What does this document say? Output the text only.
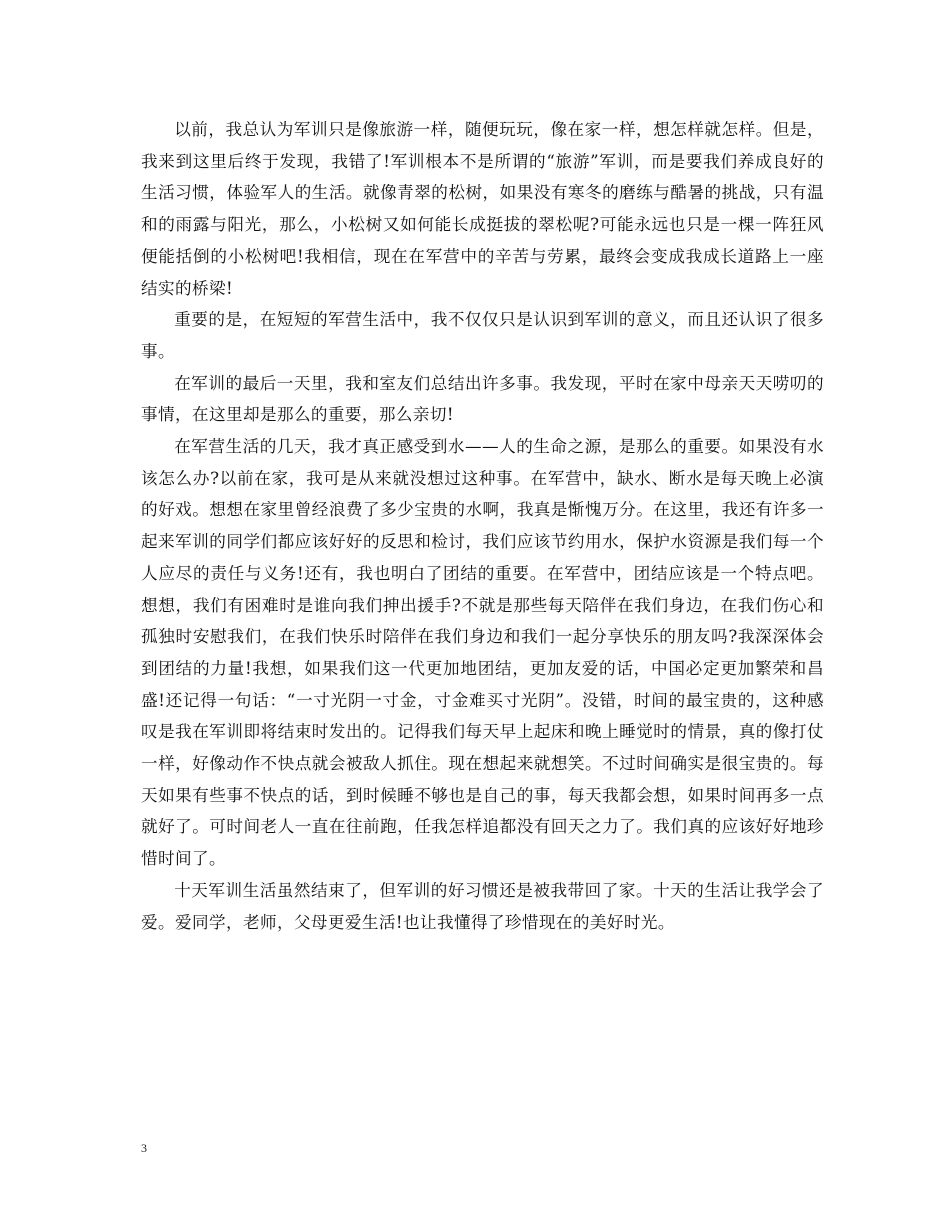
以前，我总认为军训只是像旅游一样，随便玩玩，像在家一样，想怎样就怎样。但是，我来到这里后终于发现，我错了!军训根本不是所谓的“旅游”军训，而是要我们养成良好的生活习惯，体验军人的生活。就像青翠的松树，如果没有寒冬的磨练与酷暑的挑战，只有温和的雨露与阳光，那么，小松树又如何能长成挺拔的翠松呢?可能永远也只是一棵一阵狂风便能括倒的小松树吧!我相信，现在在军营中的辛苦与劳累，最终会变成我成长道路上一座结实的桥梁!

重要的是，在短短的军营生活中，我不仅仅只是认识到军训的意义，而且还认识了很多事。

在军训的最后一天里，我和室友们总结出许多事。我发现，平时在家中母亲天天唠叨的事情，在这里却是那么的重要，那么亲切!

在军营生活的几天，我才真正感受到水——人的生命之源，是那么的重要。如果没有水该怎么办?以前在家，我可是从来就没想过这种事。在军营中，缺水、断水是每天晚上必演的好戏。想想在家里曾经浪费了多少宝贵的水啊，我真是惭愧万分。在这里，我还有许多一起来军训的同学们都应该好好的反思和检讨，我们应该节约用水，保护水资源是我们每一个人应尽的责任与义务!还有，我也明白了团结的重要。在军营中，团结应该是一个特点吧。想想，我们有困难时是谁向我们抻出援手?不就是那些每天陪伴在我们身边，在我们伤心和孤独时安慰我们，在我们快乐时陪伴在我们身边和我们一起分享快乐的朋友吗?我深深体会到团结的力量!我想，如果我们这一代更加地团结，更加友爱的话，中国必定更加繁荣和昌盛!还记得一句话：“一寸光阴一寸金，寸金难买寸光阴”。没错，时间的最宝贵的，这种感叹是我在军训即将结束时发出的。记得我们每天早上起床和晚上睡觉时的情景，真的像打仗一样，好像动作不快点就会被敌人抓住。现在想起来就想笑。不过时间确实是很宝贵的。每天如果有些事不快点的话，到时候睡不够也是自己的事，每天我都会想，如果时间再多一点就好了。可时间老人一直在往前跑，任我怎样追都没有回天之力了。我们真的应该好好地珍惜时间了。

十天军训生活虽然结束了，但军训的好习惯还是被我带回了家。十天的生活让我学会了爱。爱同学，老师，父母更爱生活!也让我懂得了珍惜现在的美好时光。

3
